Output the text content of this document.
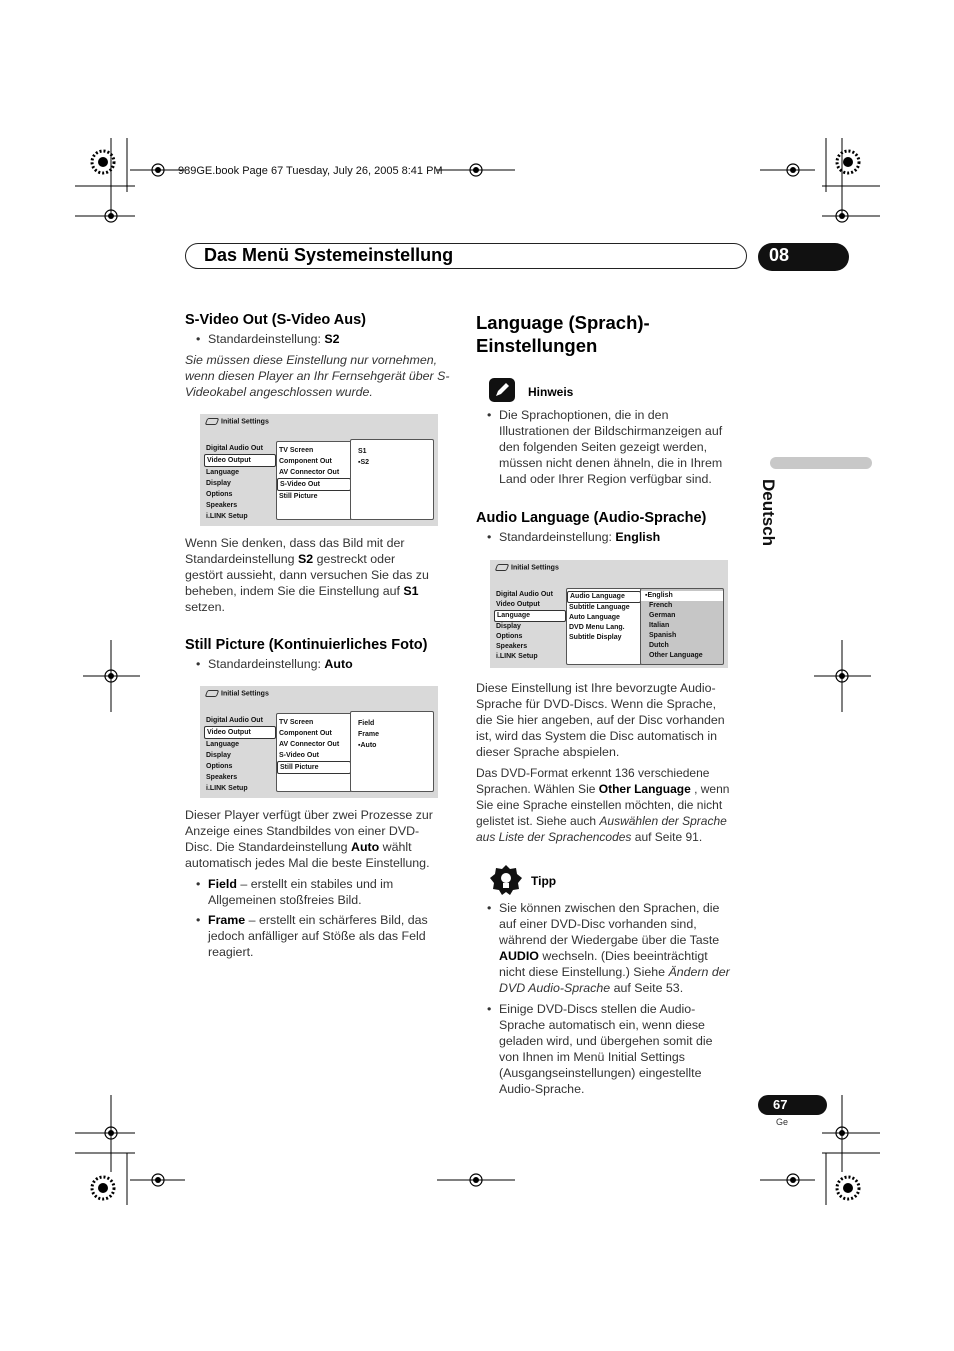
989GE.book Page 67 Tuesday, July 26, 2005 8:41 PM
Das Menü Systemeinstellung	08
Deutsch
S-Video Out (S-Video Aus)
• Standardeinstellung: S2
Sie müssen diese Einstellung nur vornehmen,
wenn diesen Player an Ihr Fernsehgerät über S-
Videokabel angeschlossen wurde.
Initial Settings
Digital Audio Out
Video Output
Language
Display
Options
Speakers
i.LINK Setup
TV Screen
Component Out
AV Connector Out
S-Video Out
Still Picture
S1
▪S2
Wenn Sie denken, dass das Bild mit der
Standardeinstellung S2 gestreckt oder
gestört aussieht, dann versuchen Sie das zu
beheben, indem Sie die Einstellung auf S1
setzen.
Still Picture (Kontinuierliches Foto)
• Standardeinstellung: Auto
Initial Settings
Digital Audio Out
Video Output
Language
Display
Options
Speakers
i.LINK Setup
TV Screen
Component Out
AV Connector Out
S-Video Out
Still Picture
Field
Frame
▪Auto
Dieser Player verfügt über zwei Prozesse zur
Anzeige eines Standbildes von einer DVD-
Disc. Die Standardeinstellung Auto wählt
automatisch jedes Mal die beste Einstellung.
• Field – erstellt ein stabiles und im
Allgemeinen stoßfreies Bild.
• Frame – erstellt ein schärferes Bild, das
jedoch anfälliger auf Stöße als das Feld
reagiert.
Language (Sprach)-
Einstellungen
Hinweis
• Die Sprachoptionen, die in den
Illustrationen der Bildschirmanzeigen auf
den folgenden Seiten gezeigt werden,
müssen nicht denen ähneln, die in Ihrem
Land oder Ihrer Region verfügbar sind.
Audio Language (Audio-Sprache)
• Standardeinstellung: English
Initial Settings
Digital Audio Out
Video Output
Language
Display
Options
Speakers
i.LINK Setup
Audio Language
Subtitle Language
Auto Language
DVD Menu Lang.
Subtitle Display
▪English
French
German
Italian
Spanish
Dutch
Other Language
Diese Einstellung ist Ihre bevorzugte Audio-
Sprache für DVD-Discs. Wenn die Sprache,
die Sie hier angeben, auf der Disc vorhanden
ist, wird das System die Disc automatisch in
dieser Sprache abspielen.
Das DVD-Format erkennt 136 verschiedene
Sprachen. Wählen Sie Other Language , wenn
Sie eine Sprache einstellen möchten, die nicht
gelistet ist. Siehe auch Auswählen der Sprache
aus Liste der Sprachencodes auf Seite 91.
Tipp
• Sie können zwischen den Sprachen, die
auf einer DVD-Disc vorhanden sind,
während der Wiedergabe über die Taste
AUDIO wechseln. (Dies beeinträchtigt
nicht diese Einstellung.) Siehe Ändern der
DVD Audio-Sprache auf Seite 53.
• Einige DVD-Discs stellen die Audio-
Sprache automatisch ein, wenn diese
geladen wird, und übergehen somit die
von Ihnen im Menü Initial Settings
(Ausgangseinstellungen) eingestellte
Audio-Sprache.
67
Ge
